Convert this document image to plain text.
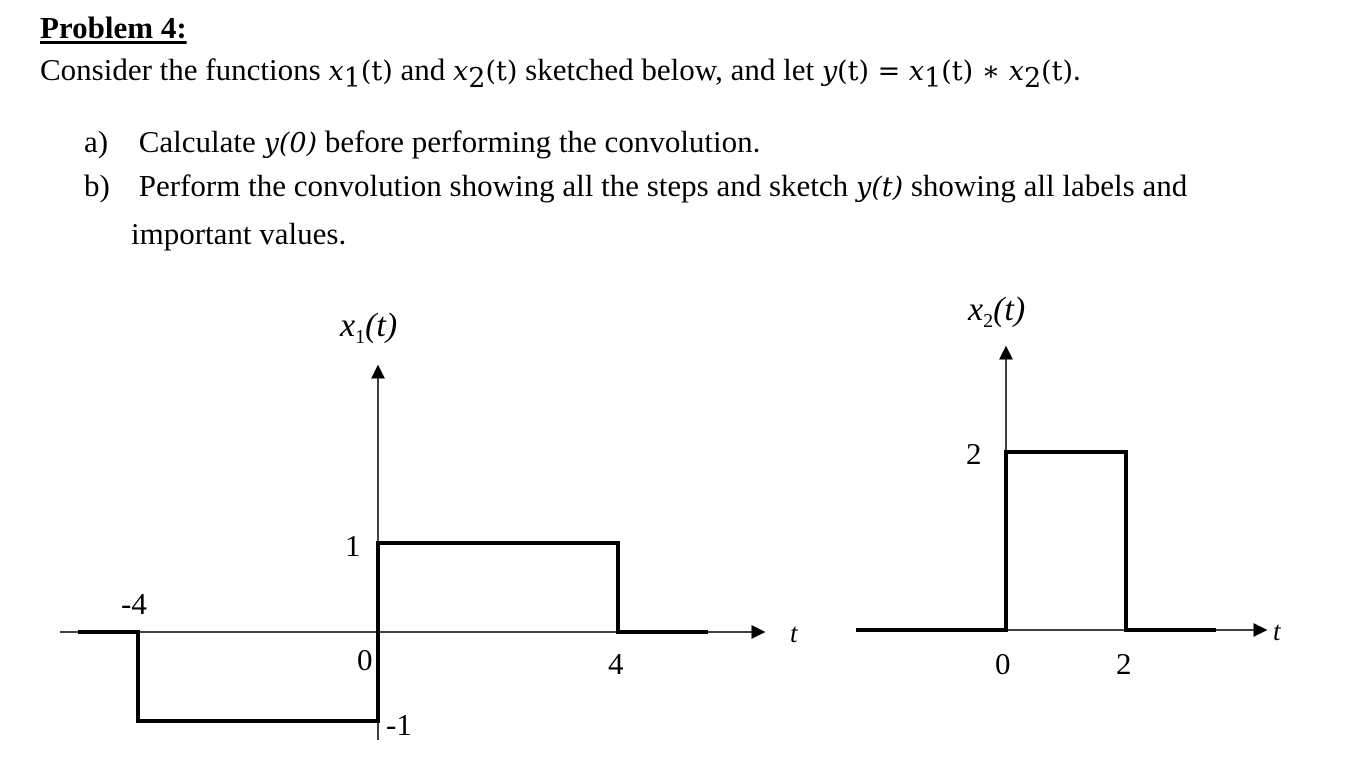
Problem 4:
Consider the functions $x_1(t)$ and $x_2(t)$ sketched below, and let $y(t) = x_1(t)$ ∗ $x_2(t)$.
a) Calculate y(0) before performing the convolution.
b) Perform the convolution showing all the steps and sketch y(t) showing all labels and
important values.
$x_1(t)$
t
-4
0	4
1
-1
$x_2(t)$
t
0	2
2
